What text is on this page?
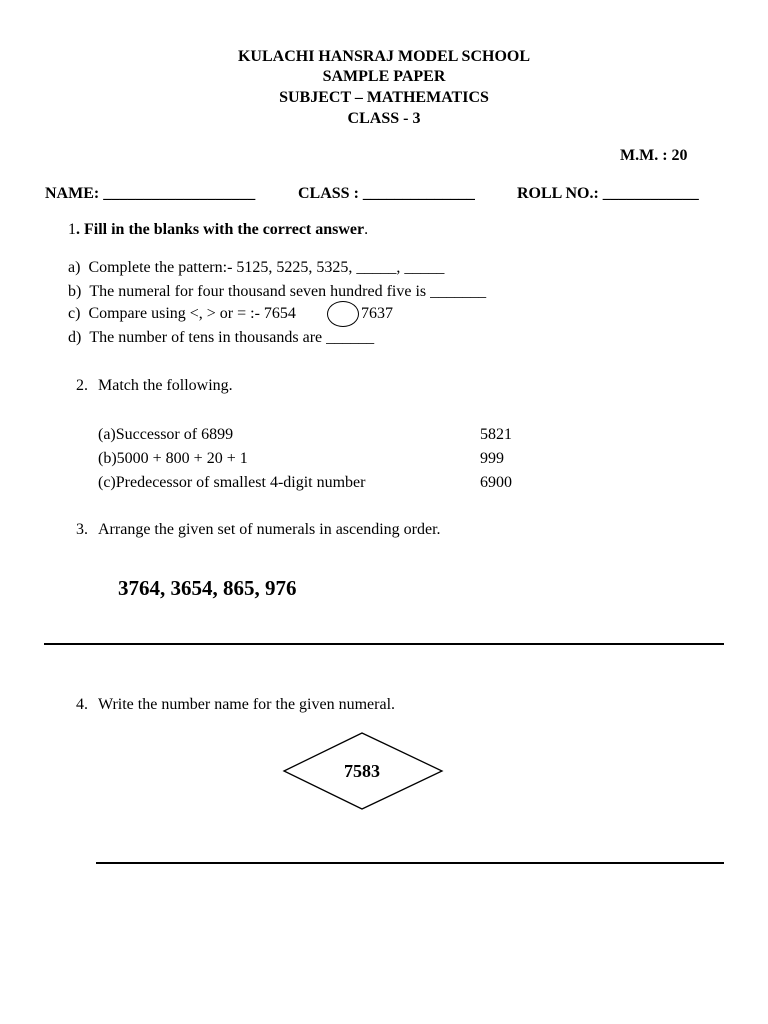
KULACHI HANSRAJ MODEL SCHOOL
SAMPLE PAPER
SUBJECT – MATHEMATICS
CLASS - 3
M.M. : 20
NAME: ___________________	CLASS : ______________	ROLL NO.: ____________
1. Fill in the blanks with the correct answer.
a) Complete the pattern:- 5125, 5225, 5325, _____, _____
b) The numeral for four thousand seven hundred five is _______
c) Compare using <, > or = :- 7654	7637
d) The number of tens in thousands are ______
2. Match the following.
(a)Successor of 6899	5821
(b)5000 + 800 + 20 + 1	999
(c)Predecessor of smallest 4-digit number	6900
3. Arrange the given set of numerals in ascending order.
3764, 3654, 865, 976
4. Write the number name for the given numeral.
7583
